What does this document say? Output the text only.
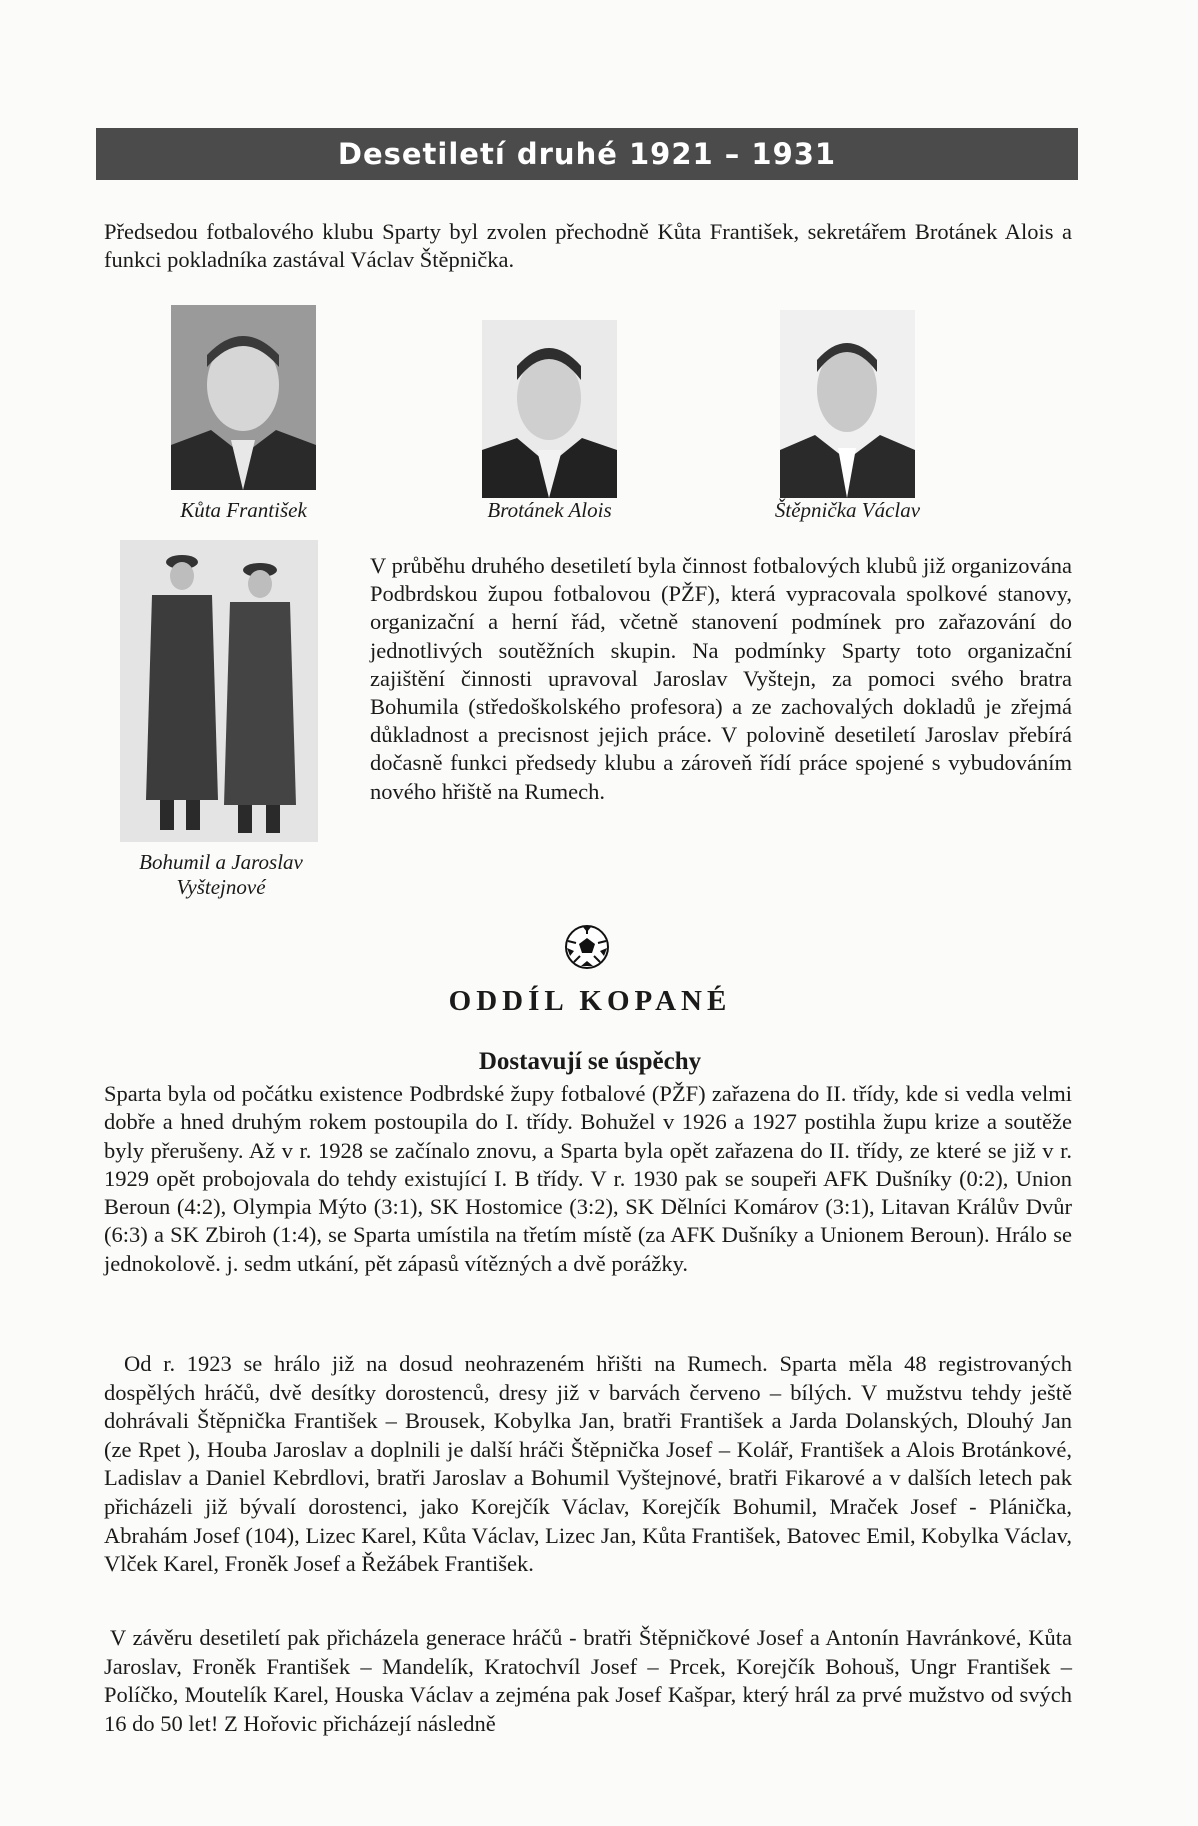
Desetiletí druhé 1921 – 1931
Předsedou fotbalového klubu Sparty byl zvolen přechodně Kůta František, sekretářem Brotánek Alois a funkci pokladníka zastával Václav Štěpnička.
Kůta František	Brotánek Alois	Štěpnička Václav
Bohumil a Jaroslav Vyštejnové
V průběhu druhého desetiletí byla činnost fotbalových klubů již organizována Podbrdskou župou fotbalovou (PŽF), která vypracovala spolkové stanovy, organizační a herní řád, včetně stanovení podmínek pro zařazování do jednotlivých soutěžních skupin. Na podmínky Sparty toto organizační zajištění činnosti upravoval Jaroslav Vyštejn, za pomoci svého bratra Bohumila (středoškolského profesora) a ze zachovalých dokladů je zřejmá důkladnost a precisnost jejich práce. V polovině desetiletí Jaroslav přebírá dočasně funkci předsedy klubu a zároveň řídí práce spojené s vybudováním nového hřiště na Rumech.
ODDÍL KOPANÉ
Dostavují se úspěchy
Sparta byla od počátku existence Podbrdské župy fotbalové (PŽF) zařazena do II. třídy, kde si vedla velmi dobře a hned druhým rokem postoupila do I. třídy. Bohužel v 1926 a 1927 postihla župu krize a soutěže byly přerušeny. Až v r. 1928 se začínalo znovu, a Sparta byla opět zařazena do II. třídy, ze které se již v r. 1929 opět probojovala do tehdy existující I. B třídy. V r. 1930 pak se soupeři AFK Dušníky (0:2), Union Beroun (4:2), Olympia Mýto (3:1), SK Hostomice (3:2), SK Dělníci Komárov (3:1), Litavan Králův Dvůr (6:3) a SK Zbiroh (1:4), se Sparta umístila na třetím místě (za AFK Dušníky a Unionem Beroun). Hrálo se jednokolově. j. sedm utkání, pět zápasů vítězných a dvě porážky.
Od r. 1923 se hrálo již na dosud neohrazeném hřišti na Rumech. Sparta měla 48 registrovaných dospělých hráčů, dvě desítky dorostenců, dresy již v barvách červeno – bílých. V mužstvu tehdy ještě dohrávali Štěpnička František – Brousek, Kobylka Jan, bratři František a Jarda Dolanských, Dlouhý Jan (ze Rpet ), Houba Jaroslav a doplnili je další hráči Štěpnička Josef – Kolář, František a Alois Brotánkové, Ladislav a Daniel Kebrdlovi, bratři Jaroslav a Bohumil Vyštejnové, bratři Fikarové a v dalších letech pak přicházeli již bývalí dorostenci, jako Korejčík Václav, Korejčík Bohumil, Mraček Josef - Plánička, Abrahám Josef (104), Lizec Karel, Kůta Václav, Lizec Jan, Kůta František, Batovec Emil, Kobylka Václav, Vlček Karel, Froněk Josef a Řežábek František.
V závěru desetiletí pak přicházela generace hráčů - bratři Štěpničkové Josef a Antonín Havránkové, Kůta Jaroslav, Froněk František – Mandelík, Kratochvíl Josef – Prcek, Korejčík Bohouš, Ungr František – Políčko, Moutelík Karel, Houska Václav a zejména pak Josef Kašpar, který hrál za prvé mužstvo od svých 16 do 50 let! Z Hořovic přicházejí následně
